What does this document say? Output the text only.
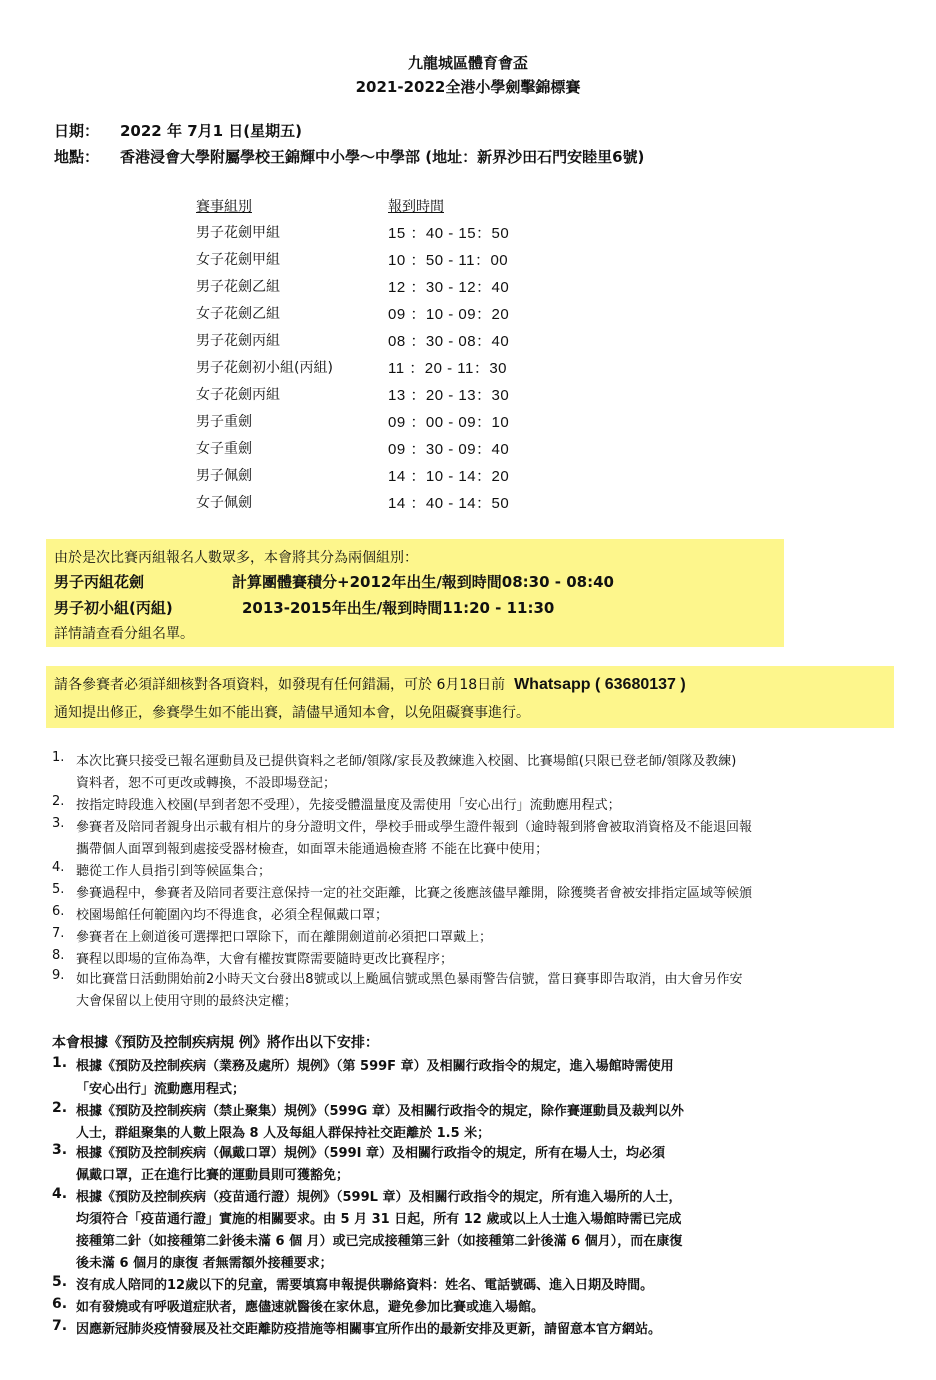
九龍城區體育會盃
2021-2022全港小學劍擊錦標賽
日期： 2022 年 7月1 日(星期五)
地點： 香港浸會大學附屬學校王錦輝中小學～中學部 (地址：新界沙田石門安睦里6號)
賽事組別	報到時間
男子花劍甲組	15 ：40 - 15：50
女子花劍甲組	10 ：50 - 11：00
男子花劍乙組	12 ：30 - 12：40
女子花劍乙組	09 ：10 - 09：20
男子花劍丙組	08 ：30 - 08：40
男子花劍初小組(丙組)	11 ：20 - 11：30
女子花劍丙組	13 ：20 - 13：30
男子重劍	09 ：00 - 09：10
女子重劍	09 ：30 - 09：40
男子佩劍	14 ：10 - 14：20
女子佩劍	14 ：40 - 14：50
由於是次比賽丙組報名人數眾多，本會將其分為兩個組別：
男子丙組花劍	計算團體賽積分+2012年出生/報到時間08:30 - 08:40
男子初小組(丙組)	2013-2015年出生/報到時間11:20 - 11:30
詳情請查看分組名單。
請各參賽者必須詳細核對各項資料，如發現有任何錯漏，可於 6月18日前 Whatsapp ( 63680137 )
通知提出修正，參賽學生如不能出賽，請儘早通知本會，以免阻礙賽事進行。
1. 本次比賽只接受已報名運動員及已提供資料之老師/領隊/家長及教練進入校園、比賽場館(只限已登老師/領隊及教練)
資料者，恕不可更改或轉換，不設即場登記；
2. 按指定時段進入校園(早到者恕不受理），先接受體溫量度及需使用「安心出行」流動應用程式；
3. 參賽者及陪同者親身出示載有相片的身分證明文件，學校手冊或學生證件報到（逾時報到將會被取消資格及不能退回報
攜帶個人面罩到報到處接受器材檢查，如面罩未能通過檢查將 不能在比賽中使用；
4. 聽從工作人員指引到等候區集合；
5. 參賽過程中，參賽者及陪同者要注意保持一定的社交距離，比賽之後應該儘早離開，除獲獎者會被安排指定區域等候頒
6. 校園場館任何範圍內均不得進食，必須全程佩戴口罩；
7. 參賽者在上劍道後可選擇把口罩除下，而在離開劍道前必須把口罩戴上；
8. 賽程以即場的宣佈為準，大會有權按實際需要隨時更改比賽程序；
9. 如比賽當日活動開始前2小時天文台發出8號或以上颱風信號或黑色暴雨警告信號，當日賽事即告取消，由大會另作安
大會保留以上使用守則的最終決定權；
本會根據《預防及控制疾病規 例》將作出以下安排：
1. 根據《預防及控制疾病（業務及處所）規例》（第 599F 章）及相關行政指令的規定，進入場館時需使用
「安心出行」流動應用程式；
2. 根據《預防及控制疾病（禁止聚集）規例》（599G 章）及相關行政指令的規定，除作賽運動員及裁判以外
人士，群組聚集的人數上限為 8 人及每組人群保持社交距離於 1.5 米；
3. 根據《預防及控制疾病（佩戴口罩）規例》（599I 章）及相關行政指令的規定，所有在場人士，均必須
佩戴口罩，正在進行比賽的運動員則可獲豁免；
4. 根據《預防及控制疾病（疫苗通行證）規例》（599L 章）及相關行政指令的規定，所有進入場所的人士，
均須符合「疫苗通行證」實施的相關要求。由 5 月 31 日起，所有 12 歲或以上人士進入場館時需已完成
接種第二針（如接種第二針後未滿 6 個 月）或已完成接種第三針（如接種第二針後滿 6 個月），而在康復
後未滿 6 個月的康復 者無需額外接種要求；
5. 沒有成人陪同的12歲以下的兒童，需要填寫申報提供聯絡資料：姓名、電話號碼、進入日期及時間。
6. 如有發燒或有呼吸道症狀者，應儘速就醫後在家休息，避免參加比賽或進入場館。
7. 因應新冠肺炎疫情發展及社交距離防疫措施等相關事宜所作出的最新安排及更新，請留意本官方網站。
